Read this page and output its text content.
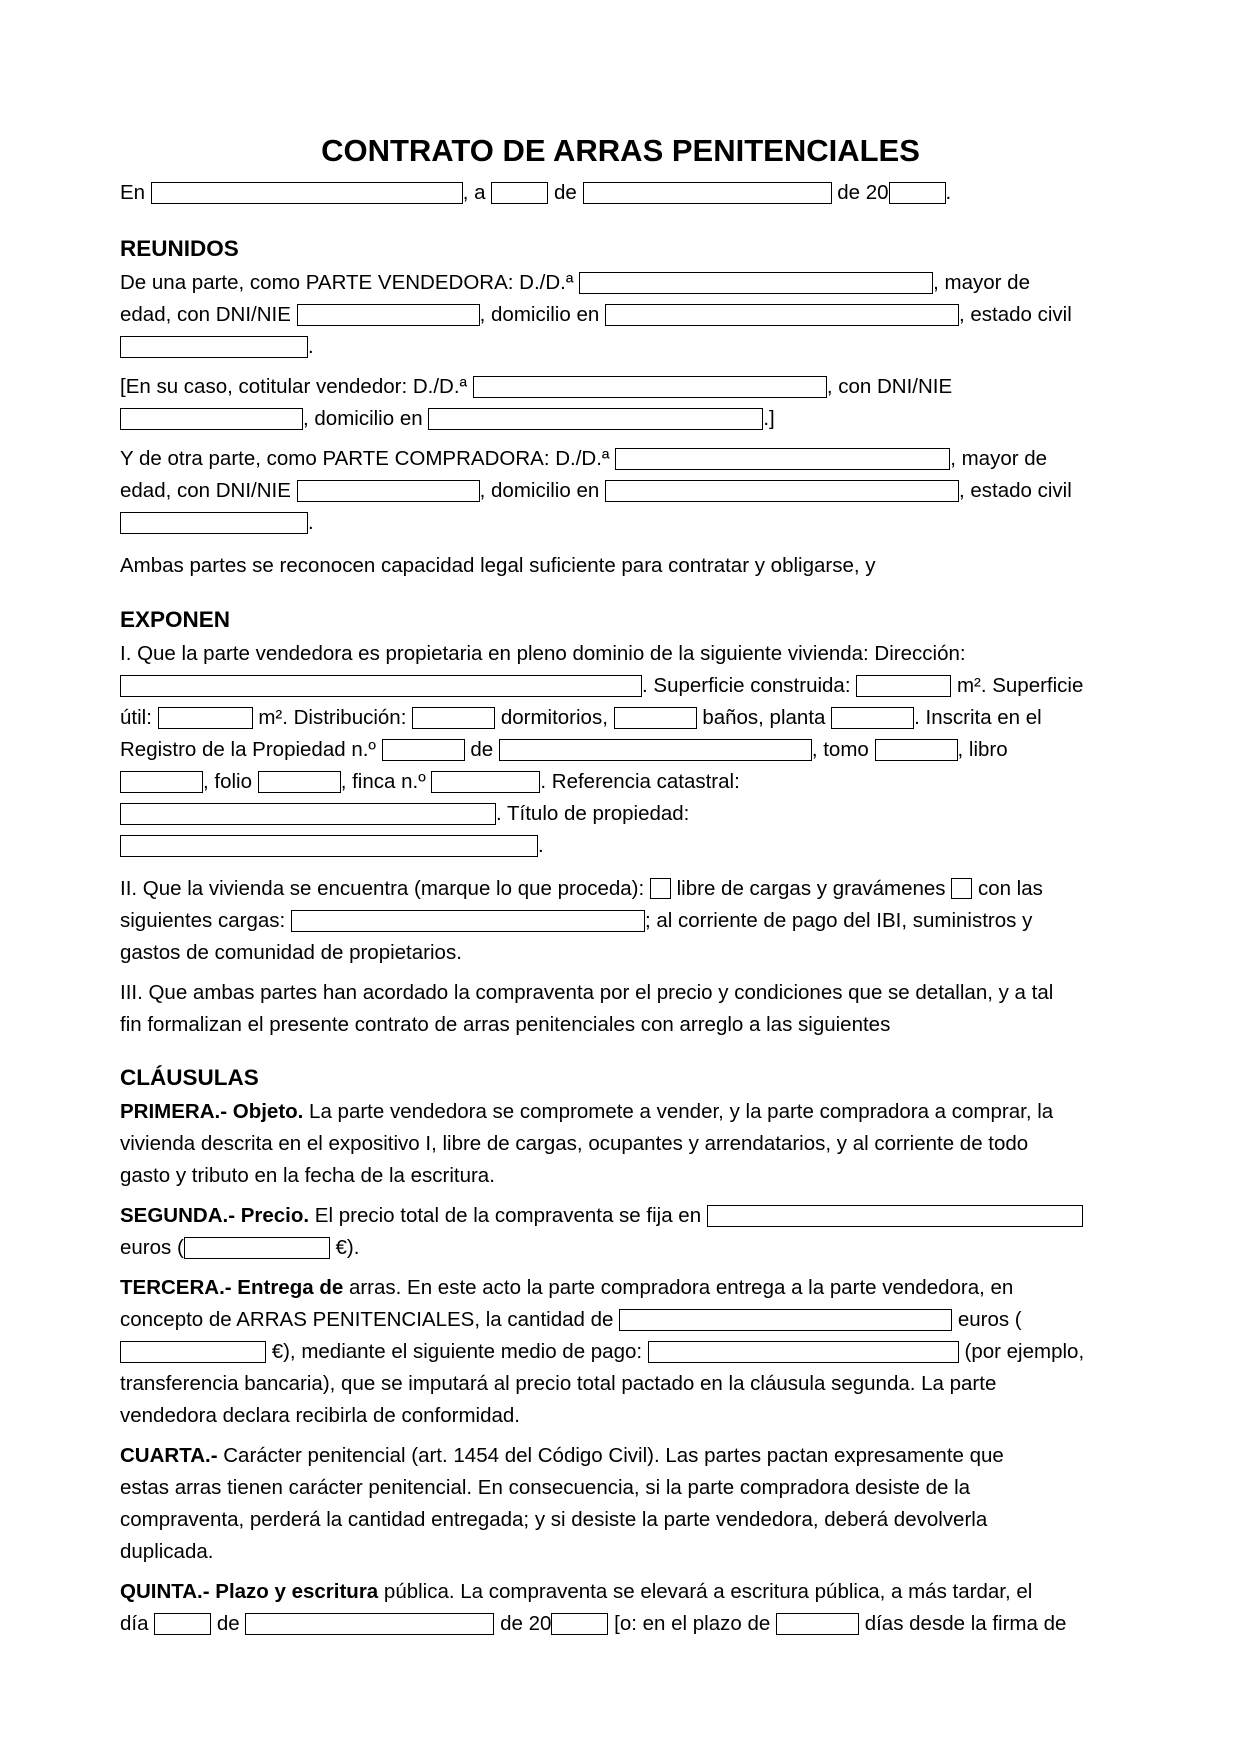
CONTRATO DE ARRAS PENITENCIALES
En	, a	de	de 20	.
REUNIDOS
De una parte, como PARTE VENDEDORA: D./D.ª	, mayor de
edad, con DNI/NIE	, domicilio en	, estado civil
.
[En su caso, cotitular vendedor: D./D.ª	, con DNI/NIE
, domicilio en	.]
Y de otra parte, como PARTE COMPRADORA: D./D.ª	, mayor de
edad, con DNI/NIE	, domicilio en	, estado civil
.
Ambas partes se reconocen capacidad legal suficiente para contratar y obligarse, y
EXPONEN
I. Que la parte vendedora es propietaria en pleno dominio de la siguiente vivienda: Dirección:
. Superficie construida:	m². Superficie
útil:	m². Distribución:	dormitorios,	baños, planta	. Inscrita en el
Registro de la Propiedad n.º	de	, tomo	, libro
, folio	, finca n.º	. Referencia catastral:
. Título de propiedad:
.
II. Que la vivienda se encuentra (marque lo que proceda): libre de cargas y gravámenes con las
siguientes cargas:	; al corriente de pago del IBI, suministros y
gastos de comunidad de propietarios.
III. Que ambas partes han acordado la compraventa por el precio y condiciones que se detallan, y a tal
fin formalizan el presente contrato de arras penitenciales con arreglo a las siguientes
CLÁUSULAS
PRIMERA.- Objeto. La parte vendedora se compromete a vender, y la parte compradora a comprar, la
vivienda descrita en el expositivo I, libre de cargas, ocupantes y arrendatarios, y al corriente de todo
gasto y tributo en la fecha de la escritura.
SEGUNDA.- Precio. El precio total de la compraventa se fija en
euros (	€).
TERCERA.- Entrega de arras. En este acto la parte compradora entrega a la parte vendedora, en
concepto de ARRAS PENITENCIALES, la cantidad de	euros (
€), mediante el siguiente medio de pago:	(por ejemplo,
transferencia bancaria), que se imputará al precio total pactado en la cláusula segunda. La parte
vendedora declara recibirla de conformidad.
CUARTA.- Carácter penitencial (art. 1454 del Código Civil). Las partes pactan expresamente que
estas arras tienen carácter penitencial. En consecuencia, si la parte compradora desiste de la
compraventa, perderá la cantidad entregada; y si desiste la parte vendedora, deberá devolverla
duplicada.
QUINTA.- Plazo y escritura pública. La compraventa se elevará a escritura pública, a más tardar, el
día	de	de 20	[o: en el plazo de	días desde la firma de
